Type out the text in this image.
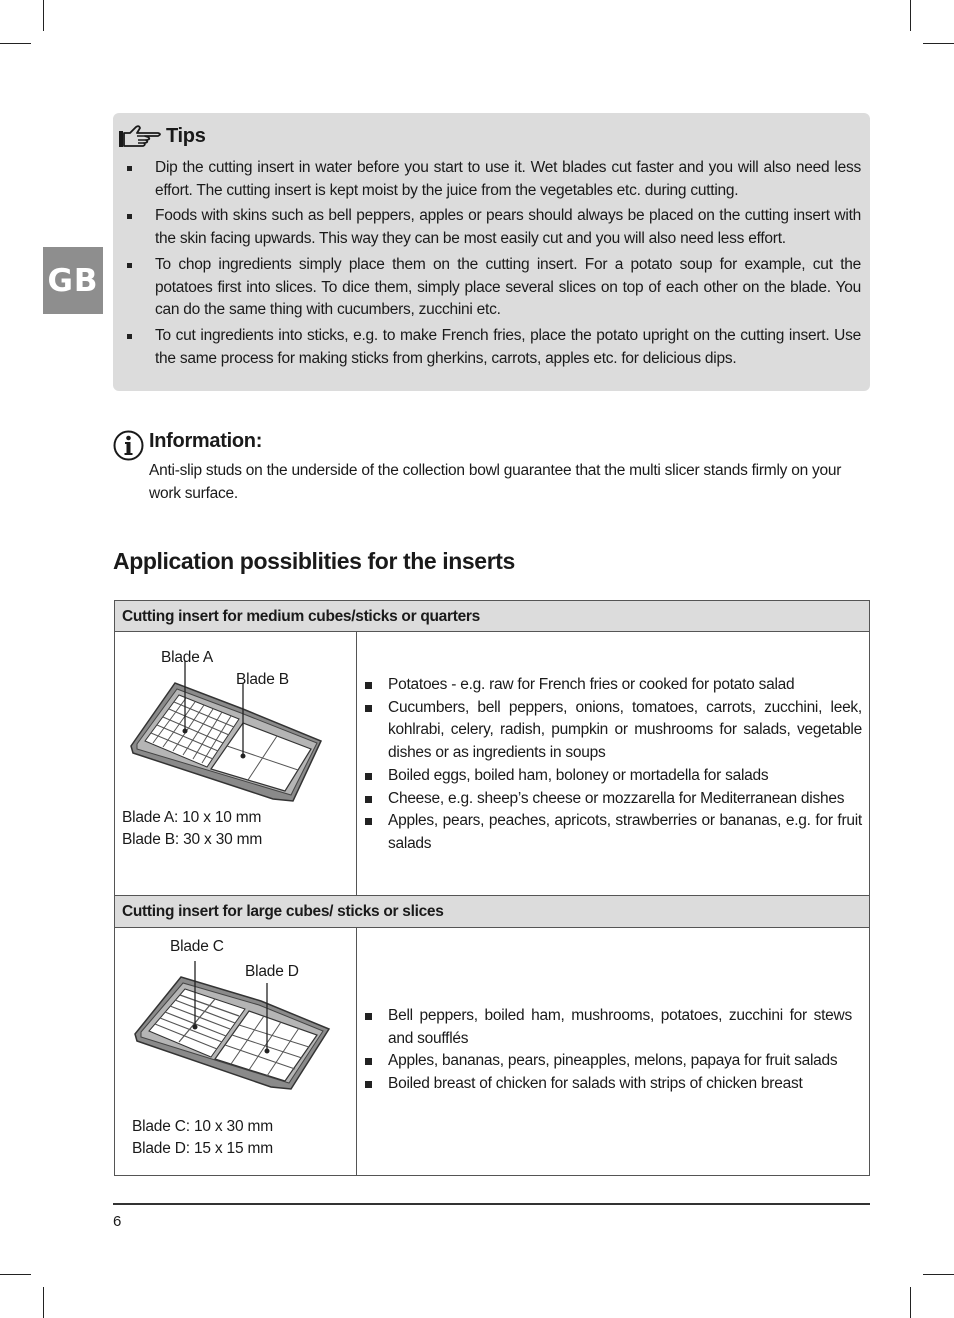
GB
Tips
Dip the cutting insert in water before you start to use it. Wet blades cut faster and you will also need less effort. The cutting insert is kept moist by the juice from the vegetables etc. during cutting.
Foods with skins such as bell peppers, apples or pears should always be placed on the cutting insert with the skin facing upwards. This way they can be most easily cut and you will also need less effort.
To chop ingredients simply place them on the cutting insert. For a potato soup for example, cut the potatoes first into slices. To dice them, simply place several slices on top of each other on the blade. You can do the same thing with cucumbers, zucchini etc.
To cut ingredients into sticks, e.g. to make French fries, place the potato upright on the cutting insert. Use the same process for making sticks from gherkins, carrots, apples etc. for delicious dips.
Information:

Anti-slip studs on the underside of the collection bowl guarantee that the multi slicer stands firmly on your work surface.

Application possiblities for the inserts
Cutting insert for medium cubes/sticks or quarters
Blade A
Blade B
Blade A: 10 x 10 mm
Blade B: 30 x 30 mm
Potatoes - e.g. raw for French fries or cooked for potato salad
Cucumbers, bell peppers, onions, tomatoes, carrots, zucchini, leek, kohlrabi, celery, radish, pumpkin or mushrooms for salads, vegetable dishes or as ingredients in soups
Boiled eggs, boiled ham, boloney or mortadella for salads
Cheese, e.g. sheep’s cheese or mozzarella for Mediterranean dishes
Apples, pears, peaches, apricots, strawberries or bananas, e.g. for fruit salads
Cutting insert for large cubes/ sticks or slices
Blade C
Blade D
Blade C: 10 x 30 mm
Blade D: 15 x 15 mm
Bell peppers, boiled ham, mushrooms, potatoes, zucchini for stews and soufflés
Apples, bananas, pears, pineapples, melons, papaya for fruit salads
Boiled breast of chicken for salads with strips of chicken breast
6
